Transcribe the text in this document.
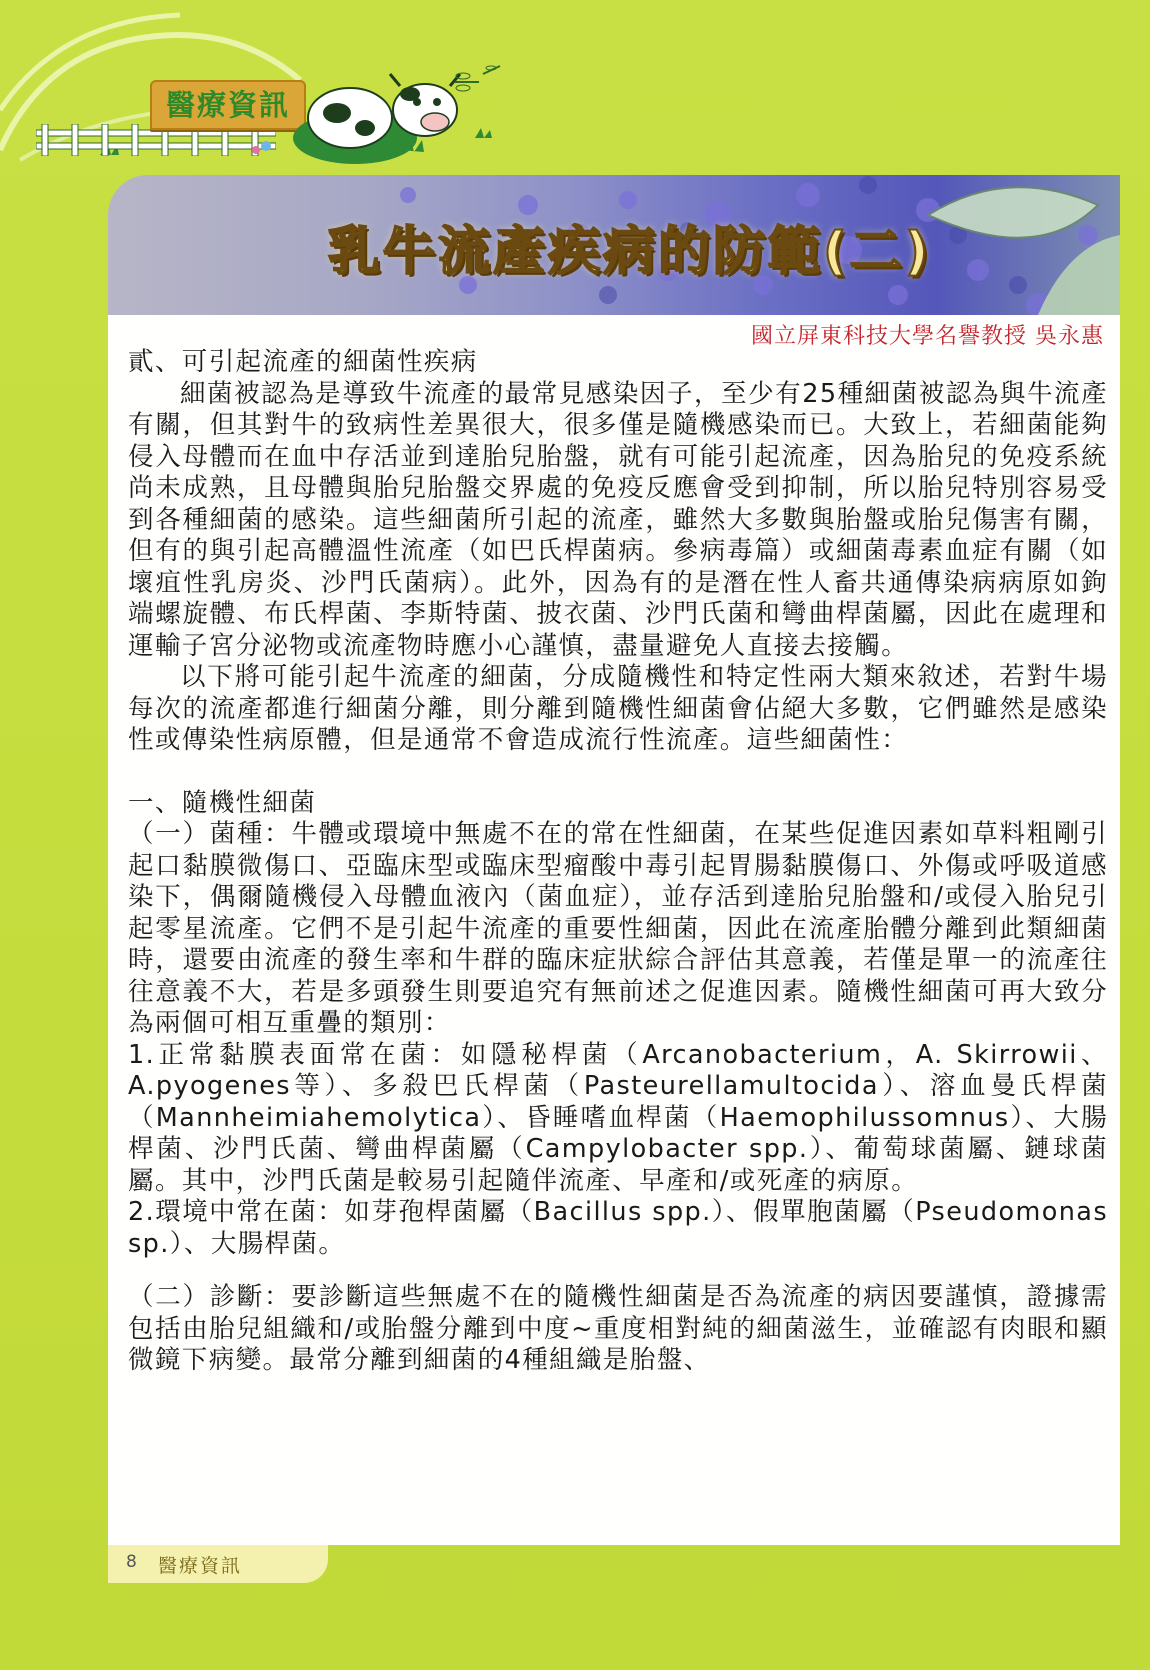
醫療資訊
乳牛流產疾病的防範(二)

國立屏東科技大學名譽教授 吳永惠

貳、可引起流產的細菌性疾病

細菌被認為是導致牛流產的最常見感染因子，至少有25種細菌被認為與牛流產有關，但其對牛的致病性差異很大，很多僅是隨機感染而已。大致上，若細菌能夠侵入母體而在血中存活並到達胎兒胎盤，就有可能引起流產，因為胎兒的免疫系統尚未成熟，且母體與胎兒胎盤交界處的免疫反應會受到抑制，所以胎兒特別容易受到各種細菌的感染。這些細菌所引起的流產，雖然大多數與胎盤或胎兒傷害有關，但有的與引起高體溫性流產（如巴氏桿菌病。參病毒篇）或細菌毒素血症有關（如壞疽性乳房炎、沙門氏菌病）。此外，因為有的是潛在性人畜共通傳染病病原如鉤端螺旋體、布氏桿菌、李斯特菌、披衣菌、沙門氏菌和彎曲桿菌屬，因此在處理和運輸子宮分泌物或流產物時應小心謹慎，盡量避免人直接去接觸。

以下將可能引起牛流產的細菌，分成隨機性和特定性兩大類來敘述，若對牛場每次的流產都進行細菌分離，則分離到隨機性細菌會佔絕大多數，它們雖然是感染性或傳染性病原體，但是通常不會造成流行性流產。這些細菌性：

一、隨機性細菌

（一）菌種：牛體或環境中無處不在的常在性細菌，在某些促進因素如草料粗剛引起口黏膜微傷口、亞臨床型或臨床型瘤酸中毒引起胃腸黏膜傷口、外傷或呼吸道感染下，偶爾隨機侵入母體血液內（菌血症），並存活到達胎兒胎盤和/或侵入胎兒引起零星流產。它們不是引起牛流產的重要性細菌，因此在流產胎體分離到此類細菌時，還要由流產的發生率和牛群的臨床症狀綜合評估其意義，若僅是單一的流產往往意義不大，若是多頭發生則要追究有無前述之促進因素。隨機性細菌可再大致分為兩個可相互重疊的類別：

1.正常黏膜表面常在菌：如隱秘桿菌（Arcanobacterium，A. Skirrowii、A.pyogenes等）、多殺巴氏桿菌（Pasteurellamultocida）、溶血曼氏桿菌（Mannheimiahemolytica）、昏睡嗜血桿菌（Haemophilussomnus）、大腸桿菌、沙門氏菌、彎曲桿菌屬（Campylobacter spp.）、葡萄球菌屬、鏈球菌屬。其中，沙門氏菌是較易引起隨伴流產、早產和/或死產的病原。

2.環境中常在菌：如芽孢桿菌屬（Bacillus spp.）、假單胞菌屬（Pseudomonas sp.）、大腸桿菌。

（二）診斷：要診斷這些無處不在的隨機性細菌是否為流產的病因要謹慎，證據需包括由胎兒組織和/或胎盤分離到中度~重度相對純的細菌滋生，並確認有肉眼和顯微鏡下病變。最常分離到細菌的4種組織是胎盤、

8 醫療資訊
